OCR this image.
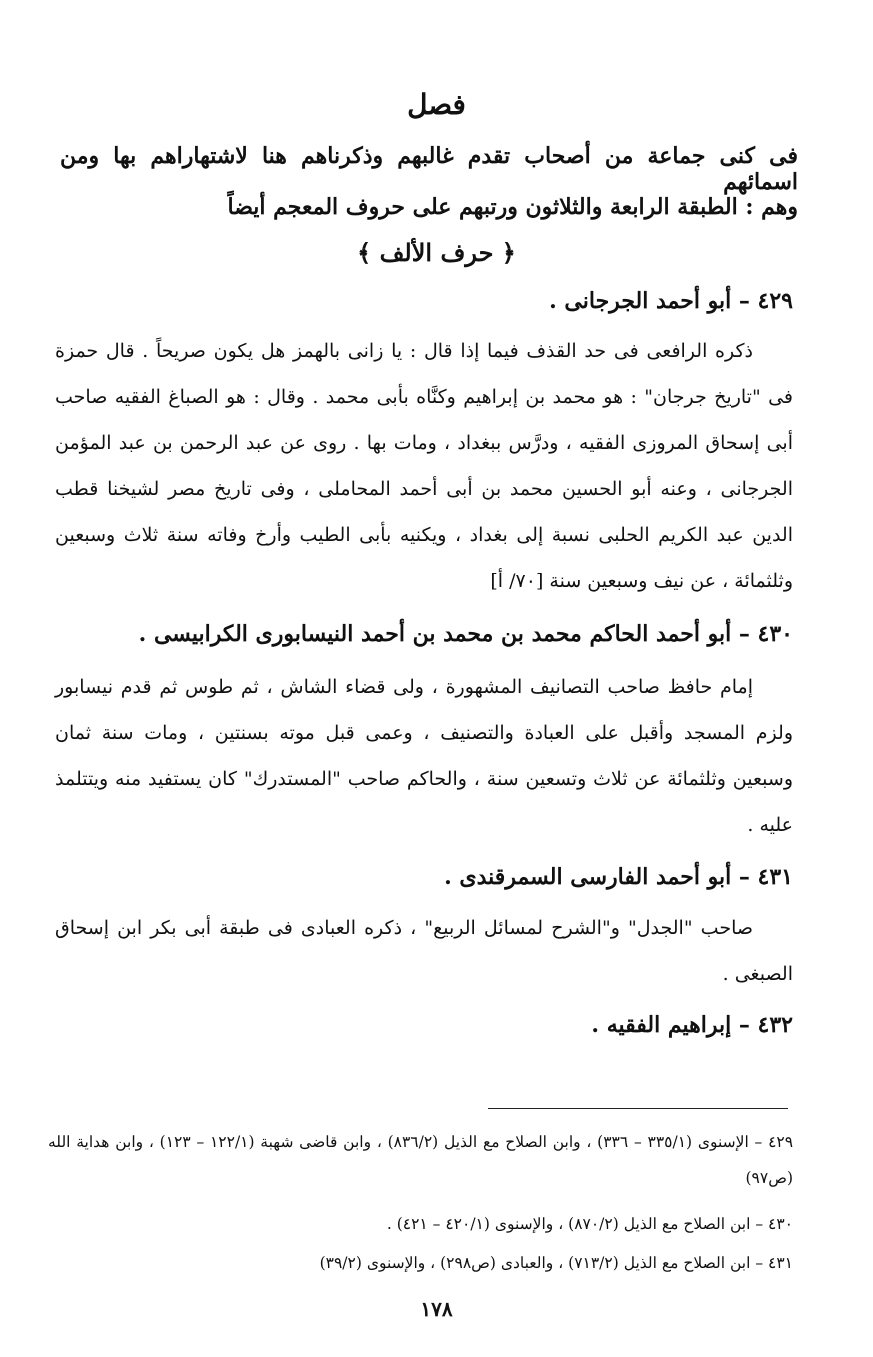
فصل
فى كنى جماعة من أصحاب تقدم غالبهم وذكرناهم هنا لاشتهاراهم بها ومن اسمائهم
وهم : الطبقة الرابعة والثلاثون ورتبهم على حروف المعجم أيضاً
﴿ حرف الألف ﴾
٤٢٩ – أبو أحمد الجرجانى .
ذكره الرافعى فى حد القذف فيما إذا قال : يا زانى بالهمز هل يكون صريحاً . قال حمزة فى "تاريخ جرجان" : هو محمد بن إبراهيم وكنَّاه بأبى محمد . وقال : هو الصباغ الفقيه صاحب أبى إسحاق المروزى الفقيه ، ودرَّس ببغداد ، ومات بها . روى عن عبد الرحمن بن عبد المؤمن الجرجانى ، وعنه أبو الحسين محمد بن أبى أحمد المحاملى ، وفى تاريخ مصر لشيخنا قطب الدين عبد الكريم الحلبى نسبة إلى بغداد ، ويكنيه بأبى الطيب وأرخ وفاته سنة ثلاث وسبعين وثلثمائة ، عن نيف وسبعين سنة [٧٠/ أ]
٤٣٠ – أبو أحمد الحاكم محمد بن محمد بن أحمد النيسابورى الكرابيسى .
إمام حافظ صاحب التصانيف المشهورة ، ولى قضاء الشاش ، ثم طوس ثم قدم نيسابور ولزم المسجد وأقبل على العبادة والتصنيف ، وعمى قبل موته بسنتين ، ومات سنة ثمان وسبعين وثلثمائة عن ثلاث وتسعين سنة ، والحاكم صاحب "المستدرك" كان يستفيد منه ويتتلمذ عليه .
٤٣١ – أبو أحمد الفارسى السمرقندى .
صاحب "الجدل" و"الشرح لمسائل الربيع" ، ذكره العبادى فى طبقة أبى بكر ابن إسحاق الصبغى .
٤٣٢ – إبراهيم الفقيه .
٤٢٩ – الإسنوى (٣٣٥/١ – ٣٣٦) ، وابن الصلاح مع الذيل (٨٣٦/٢) ، وابن قاضى شهبة (١٢٢/١ – ١٢٣) ، وابن هداية الله (ص٩٧)
٤٣٠ – ابن الصلاح مع الذيل (٨٧٠/٢) ، والإسنوى (٤٢٠/١ – ٤٢١) .
٤٣١ – ابن الصلاح مع الذيل (٧١٣/٢) ، والعبادى (ص٢٩٨) ، والإسنوى (٣٩/٢)
١٧٨
